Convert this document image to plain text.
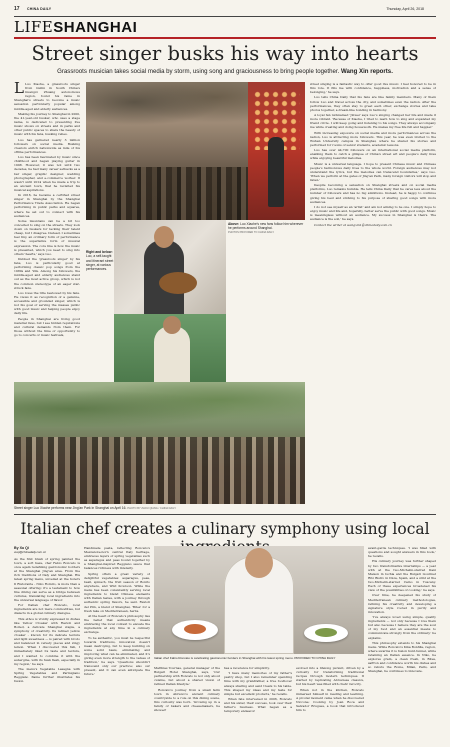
17 CHINA DAILY	Thursday, April 26, 2018
LIFESHANGHAI
Street singer busks his way into hearts
Grassroots musician takes social media by storm, using song and graciousness to bring people together. Wang Xin reports.

L Luo Xiaohe, a grassroots singer from Guilin in South China's Guangxi Zhuang autonomous region, found his fame in Shanghai's streets to become a music sensation particularly popular among middle-aged and elderly audiences.

Making his journey to Shanghai in 2000, the 41-year-old busker, who uses a stage name, is dedicated to presenting live music shows on streets and in parks and other public spaces to share the beauty of music with his fans, busking relies.

Luo has garnered nearly 3 million followers on social media. Busking creators enrich nationwide as mile of his offline performances.

Luo has been fascinated by music since childhood and began playing guitar in 1998. However, it was not until two decades, he had many career setbacks as a bar singer, graphic designer, wedding photographer, and e-commerce worker. It wasn't until 2014 when he made a trip to an ancient town, that he revisited his musical aspirations.

In 2016, he became a certified street singer in Shanghai by the Shanghai Performance Trade Association. He began performing in public parks and squares, where he set out to connect with his audiences.

Some musicians can be a bit too conceited to sing on the streets. They look down on buskers for lacking their talent cheap, but I disagree. Instead, I sometimes feel tiny, an ordinary form of performance is the superlative form of musical expression. The core line is how the music is presented, which you need to sing into others' hearts,' says Luo.

Dubbed the 'grassroots singer' by his fans, Luo is particularly good at performing classic pop songs from the 1980s and '90s. Among his followers, the middle-aged and elderly audiences stand out as the most active group, which is not the common stereotype of an eager star-struck fans.

Luo loves the title bestowed by his fans. He views it as recognition of a genuine, accessible and grounded singer, which is not his goal of serving the masses public with good music and helping people enjoy daily life.

People in Shanghai are living good material lives, but I see hidden reputations and cultural demands from them. For those without the time or opportunity to go to concerts or music festivals,

Right and below:
Luo, a self-taught and itinerant street singer, at various performances.
Above: Luo Xiaohe's new fans follow him wherever he performs around Shanghai.
PHOTOS PROVIDED TO CHINA DAILY
Street singer Luo Xiaohe performs near Jing'an Park in Shanghai on April 16. PHOTO BY ZHOU QIANG / CHINA DAILY

street singing is a fantastic way to offer good live music. I feel honored to be in this role. It fills me with confidence, happiness, motivation and a sense of belonging,' he says.

Luo tells China Daily that his fans are like family members. Many of them follow Luo and travel across the city, and sometimes even the nation. After the performances, they often stay to greet each other, exchange stories and take photos together, a dream-like bonding in harmony.

A loyal fan nicknamed 'Jinwei' says Luo's singing changed her life and made it more vibrant. 'Because of Xiaohe, I tried to learn how to sing and expanded my friend circle. I will keep going and listening to his songs. They always accompany me while creating and doing housework. He makes my free life full and happier.'

With increasing exposure on social media and more performances across the nation, Luo is attracting more followers. This year, he was even invited to the Wuhan University campus in Shanghai, where he shared his stories and performed for rooms of senior students, academic lessons.

Luo has over 44,700 followers on an international social media platform, enabling them to catch a glimpse of China's street art and people's daily lives while enjoying beautiful melodies.

Music is a universal language. I hope to present Chinese music and Chinese people's harmonious daily lives to the whole world. Foreign audiences may not understand the lyrics, but the melodies can transcend boundaries,' says Luo. 'When we perform at the gates of Jing'an Park, many foreign visitors will stop and listen.'

Despite becoming a sensation on Shanghai streets and on social media platforms, Luo remains humble. He tells China Daily that he cares less about the number of followers and has no big ambitions. Instead, he is happy to continue giving his best and sticking to his purpose of sharing good songs with more audiences.

I do not see myself as an 'artist' and am not aiming to be one. I simply hope to enjoy music and life and, hopefully, better serve the public with good songs. Music is meaningless without an audience. My success in Shanghai is theirs. The audience is the soil,' he says.

Contact the writer at wangxin1@chinadaily.com.cn

Italian chef creates a culinary symphony using local
By Xu Qi
xuqi@chinadaily.com.cn

As the first blush of spring painted the town, a soft haze, chef Fabio Roncato is once again redefining gastronomic borders at the Shanghai Jing'an area. From the rich traditions of Italy and Shanghai. His latest spring menu, unveiled at the hotel's Il Ristorante - Niko Romito, is more than a seasonal offering; it's a testament to how fine dining can serve as a bridge between cultures, translating local ingredients into the universal language of flavor.

For Italian chef Roncato, local ingredients are not mere commodities, but dialects in a global culinary dialogue.

This ethos is vividly expressed in dishes like Yellow Croaker with Ravioli and Boiled, a delicate Shanghai staple, a symphony of creativity. Its refined yellow croaker - known for its delicate texture and light sweetness — is paired with brodo and balanced in velvety pieces and zingy lemon. 'When I discovered this fish, I immediately liked its taste and texture, and I wanted to combine it with the aubergine, with its husk flesh, especially in my region,' he says.

The menu's Vegetable Lasagna with Spring Vegetables and Parmigiano Reggiano flame further illustrates his fusion.

Handmade pasta, reflecting Roncato's Mezzanote-born central Italy heritage, embraces layers of spring vegetables such as asparagus and peas bound together by a Shanghai-inspired Reggiano sauce that balances richness with intensity.

Spring offers a great variety of delightful vegetables: asparagus, peas, basil, spinach, the fruit season of Bonito anywhere, and Wild Kowloon. While the menu has been consistently serving local ingredients to blend Chinese elements with Italian tastes, with a journey through authentic spring flavors, he said. Ravioli del Plin, a blend of Shanghai, 'Bites' for a fresh take on Mediterranean, herbs.

At the heart of Roncato's philosophy lies the belief that authenticity means embracing the local context to elevate the ingredients at any time in a culinary exchange.

To be authentic, you must be respectful towards traditions, innovation doesn't mean destroying, but to keep building on some solid basis, eliminating and improving what can be eliminated, and it's giving even more strength to the values of tradition,' he says. 'Questions shouldn't transcend only our practice; also our present, and it can even anticipate the future.'

Italian chef Fabio Roncato is celebrating gastronomic borders in Shanghai with his latest spring menu. PROVIDED TO CHINA DAILY

Matthias Tournas, general manager of the Bulgari Hotel Shanghai, says, 'Our partnership with Roncato is not only about cuisine, but about a shared vision of refined Italian lifestyle.'

Roncato's journey from a small farm town in Abruzzo's ancient culinary countryside to a role on this dining scene, this curiosity was born. 'Growing up in a family of bakers and cheesemakers, he showed'

has a reverence for simplicity.

'I have many memories of my father's pastry shop, but I also remember spending time with my grandfather, a true foodlover always sharing and send treats to his table. This shaped my ideas and my taste for simple but excellent products,' he recalls.

When fate intervened in 2006, Roncato and his sister, their success, took over their father's business. What began as a temporary endeavor

evolved into a lifelong pursuit, driven by a curiosity for transforming traditional recipes through modern techniques. It started by replicating Abruzzese classics, but his heart was filled with chefs' ferocity.

When not in the kitchen, Roncato immersed himself in reading and learning. A pivotal moment came when he discovered Niccone; Cooking by Joan Roca and Salvador Brugues, a book that introduced him to

avant-garde techniques. 'I was filled with questions and sought answers in this book,' he recalls.

His culinary journey was further shaped by two transformative internships — a year with at the two-Michelin-starred Dani Maison in Ischia and the Bulgari Gourmet Ritz Bistro in Ibiza, Spain, and a stint at the two-Michelin-starred Caino in Tuscany. Each of these experiences broadened his view of the possibilities of cooking,' he says.

Over time, he deepened his study of Mediterranean culinary methodologies, refining his creativity and developing a signature style rooted in purity and innovation.

'I've always loved using simple, quality ingredients — not only because I love them but also because I believe they are the soul of my food and an essential means to communicate strongly from the ordinary,' he explains.

This philosophy extends to his Shanghai menu. While Roncato's Kika Bonfille, region, where swarms it is fusion hunt-tunnel, while retaining an Italian essence. In Niko, he explores grain, a clean fresh, in Bites, saffron and confidence worth his dishes and so rebuts the Rome, Milan, Paris, and Shanghai, he continues to innovate.
